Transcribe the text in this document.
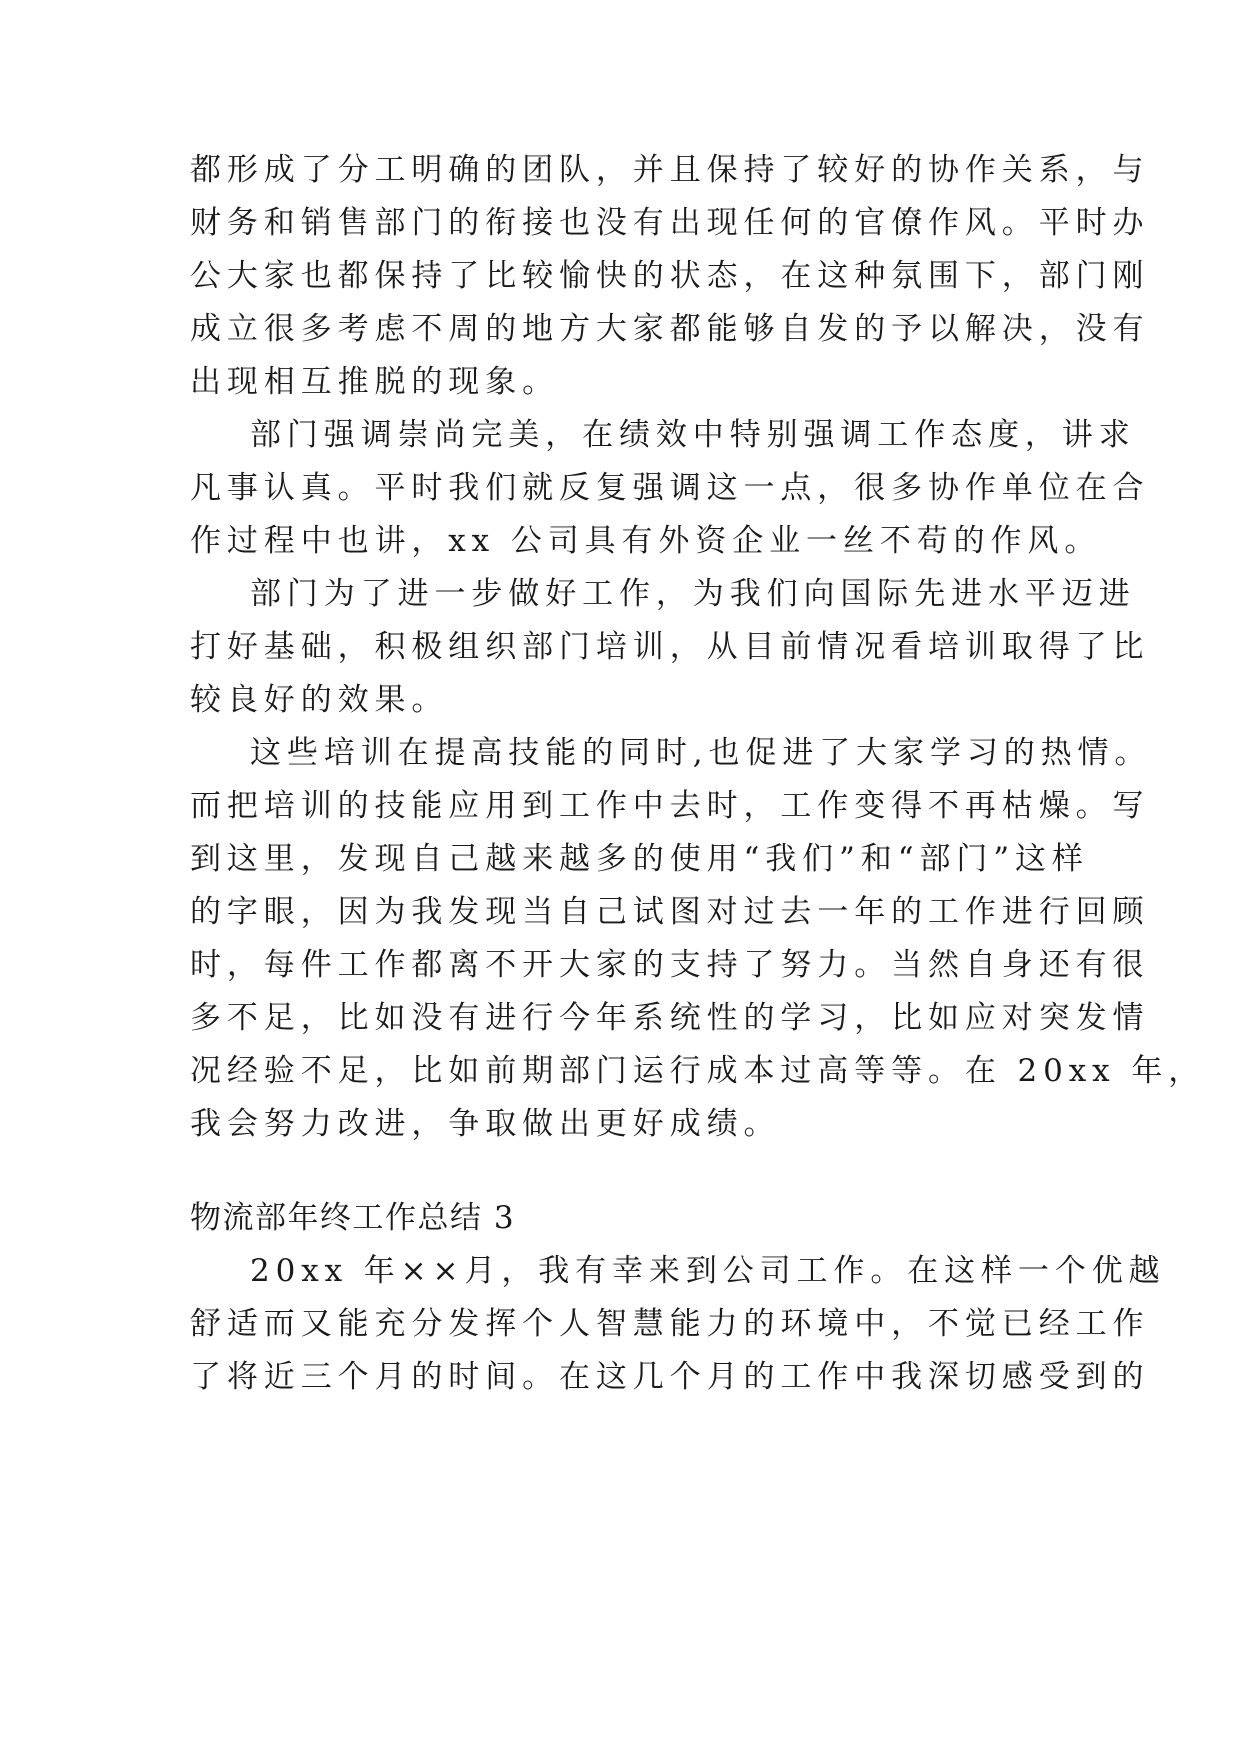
都形成了分工明确的团队，并且保持了较好的协作关系，与

财务和销售部门的衔接也没有出现任何的官僚作风。平时办

公大家也都保持了比较愉快的状态，在这种氛围下，部门刚

成立很多考虑不周的地方大家都能够自发的予以解决，没有

出现相互推脱的现象。

部门强调崇尚完美，在绩效中特别强调工作态度，讲求

凡事认真。平时我们就反复强调这一点，很多协作单位在合

作过程中也讲，xx 公司具有外资企业一丝不苟的作风。

部门为了进一步做好工作，为我们向国际先进水平迈进

打好基础，积极组织部门培训，从目前情况看培训取得了比

较良好的效果。

这些培训在提高技能的同时,也促进了大家学习的热情。

而把培训的技能应用到工作中去时，工作变得不再枯燥。写

到这里，发现自己越来越多的使用“我们”和“部门”这样

的字眼，因为我发现当自己试图对过去一年的工作进行回顾

时，每件工作都离不开大家的支持了努力。当然自身还有很

多不足，比如没有进行今年系统性的学习，比如应对突发情

况经验不足，比如前期部门运行成本过高等等。在 20xx 年，

我会努力改进，争取做出更好成绩。

物流部年终工作总结 3

20xx 年××月，我有幸来到公司工作。在这样一个优越

舒适而又能充分发挥个人智慧能力的环境中，不觉已经工作

了将近三个月的时间。在这几个月的工作中我深切感受到的
